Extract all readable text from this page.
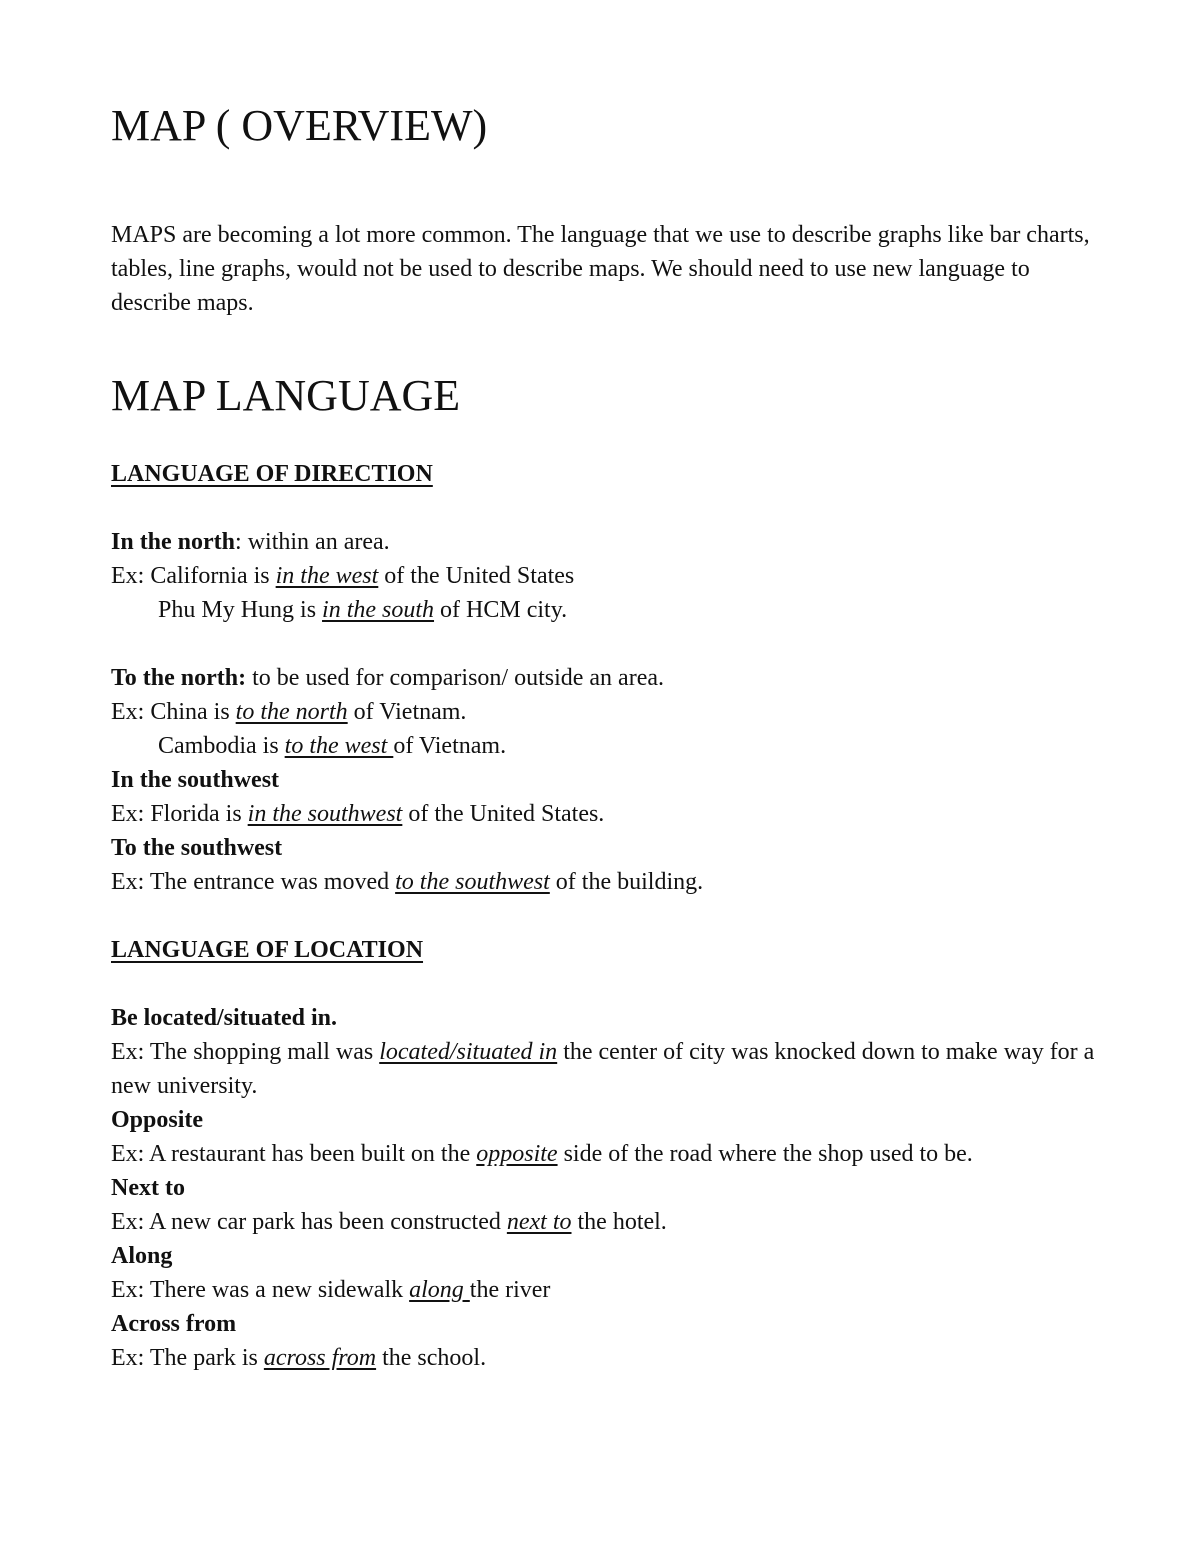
MAP ( OVERVIEW)

MAPS are becoming a lot more common. The language that we use to describe graphs like bar charts, tables, line graphs, would not be used to describe maps. We should need to use new language to describe maps.

MAP LANGUAGE
LANGUAGE OF DIRECTION
In the north: within an area.
Ex: California is in the west of the United States
Phu My Hung is in the south of HCM city.
To the north: to be used for comparison/ outside an area.
Ex: China is to the north of Vietnam.
Cambodia is to the west of Vietnam.
In the southwest
Ex: Florida is in the southwest of the United States.
To the southwest
Ex: The entrance was moved to the southwest of the building.
LANGUAGE OF LOCATION
Be located/situated in.
Ex: The shopping mall was located/situated in the center of city was knocked down to make way for a new university.
Opposite
Ex: A restaurant has been built on the opposite side of the road where the shop used to be.
Next to
Ex: A new car park has been constructed next to the hotel.
Along
Ex: There was a new sidewalk along the river
Across from
Ex: The park is across from the school.
